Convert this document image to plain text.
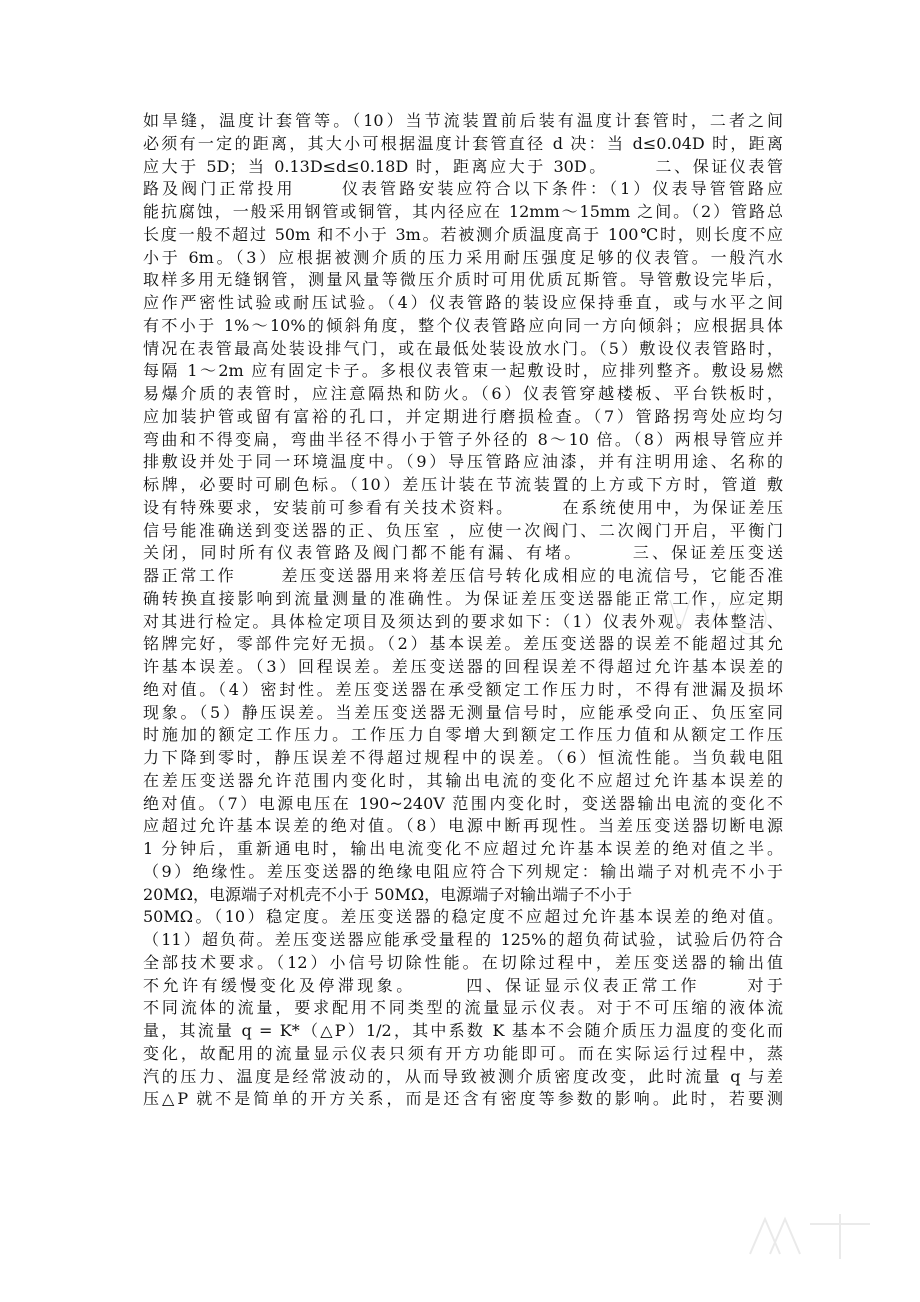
如旱缝，温度计套管等。（10）当节流装置前后装有温度计套管时，二者之间
必须有一定的距离，其大小可根据温度计套管直径 d 决：当 d≤0.04D 时，距离
应大于 5D；当 0.13D≤d≤0.18D 时，距离应大于 30D。　　　二、保证仪表管
路及阀门正常投用　　 仪表管路安装应符合以下条件：（1）仪表导管管路应
能抗腐蚀，一般采用钢管或铜管，其内径应在 12mm～15mm 之间。（2）管路总
长度一般不超过 50m 和不小于 3m。若被测介质温度高于 100℃时，则长度不应
小于 6m。（3）应根据被测介质的压力采用耐压强度足够的仪表管。一般汽水
取样多用无缝钢管，测量风量等微压介质时可用优质瓦斯管。导管敷设完毕后，
应作严密性试验或耐压试验。（4）仪表管路的装设应保持垂直，或与水平之间
有不小于 1%～10%的倾斜角度，整个仪表管路应向同一方向倾斜；应根据具体
情况在表管最高处装设排气门，或在最低处装设放水门。（5）敷设仪表管路时，
每隔 1～2m 应有固定卡子。多根仪表管束一起敷设时，应排列整齐。敷设易燃
易爆介质的表管时，应注意隔热和防火。（6）仪表管穿越楼板、平台铁板时，
应加装护管或留有富裕的孔口，并定期进行磨损检查。（7）管路拐弯处应均匀
弯曲和不得变扁，弯曲半径不得小于管子外径的 8～10 倍。（8）两根导管应并
排敷设并处于同一环境温度中。（9）导压管路应油漆，并有注明用途、名称的
标牌，必要时可刷色标。（10）差压计装在节流装置的上方或下方时，管道 敷
设有特殊要求，安装前可参看有关技术资料。　　　在系统使用中，为保证差压
信号能准确送到变送器的正、负压室 ，应使一次阀门、二次阀门开启，平衡门
关闭，同时所有仪表管路及阀门都不能有漏、有堵。　　　三、保证差压变送
器正常工作　　 差压变送器用来将差压信号转化成相应的电流信号，它能否准
确转换直接影响到流量测量的准确性。为保证差压变送器能正常工作，应定期
对其进行检定。具体检定项目及须达到的要求如下：（1）仪表外观。表体整洁、
铭牌完好，零部件完好无损。（2）基本误差。差压变送器的误差不能超过其允
许基本误差。（3）回程误差。差压变送器的回程误差不得超过允许基本误差的
绝对值。（4）密封性。差压变送器在承受额定工作压力时，不得有泄漏及损坏
现象。（5）静压误差。当差压变送器无测量信号时，应能承受向正、负压室同
时施加的额定工作压力。工作压力自零增大到额定工作压力值和从额定工作压
力下降到零时，静压误差不得超过规程中的误差。（6）恒流性能。当负载电阻
在差压变送器允许范围内变化时，其输出电流的变化不应超过允许基本误差的
绝对值。（7）电源电压在 190~240V 范围内变化时，变送器输出电流的变化不
应超过允许基本误差的绝对值。（8）电源中断再现性。当差压变送器切断电源
1 分钟后，重新通电时，输出电流变化不应超过允许基本误差的绝对值之半。
（9）绝缘性。差压变送器的绝缘电阻应符合下列规定：输出端子对机壳不小于
20MΩ，电源端子对机壳不小于 50MΩ，电源端子对输出端子不小于
50MΩ。（10）稳定度。差压变送器的稳定度不应超过允许基本误差的绝对值。
（11）超负荷。差压变送器应能承受量程的 125%的超负荷试验，试验后仍符合
全部技术要求。（12）小信号切除性能。在切除过程中，差压变送器的输出值
不允许有缓慢变化及停滞现象。　　　四、保证显示仪表正常工作　　 对于
不同流体的流量，要求配用不同类型的流量显示仪表。对于不可压缩的液体流
量，其流量 q = K*（△P）1/2，其中系数 K 基本不会随介质压力温度的变化而
变化，故配用的流量显示仪表只须有开方功能即可。而在实际运行过程中，蒸
汽的压力、温度是经常波动的，从而导致被测介质密度改变，此时流量 q 与差
压△P 就不是简单的开方关系，而是还含有密度等参数的影响。此时，若要测
